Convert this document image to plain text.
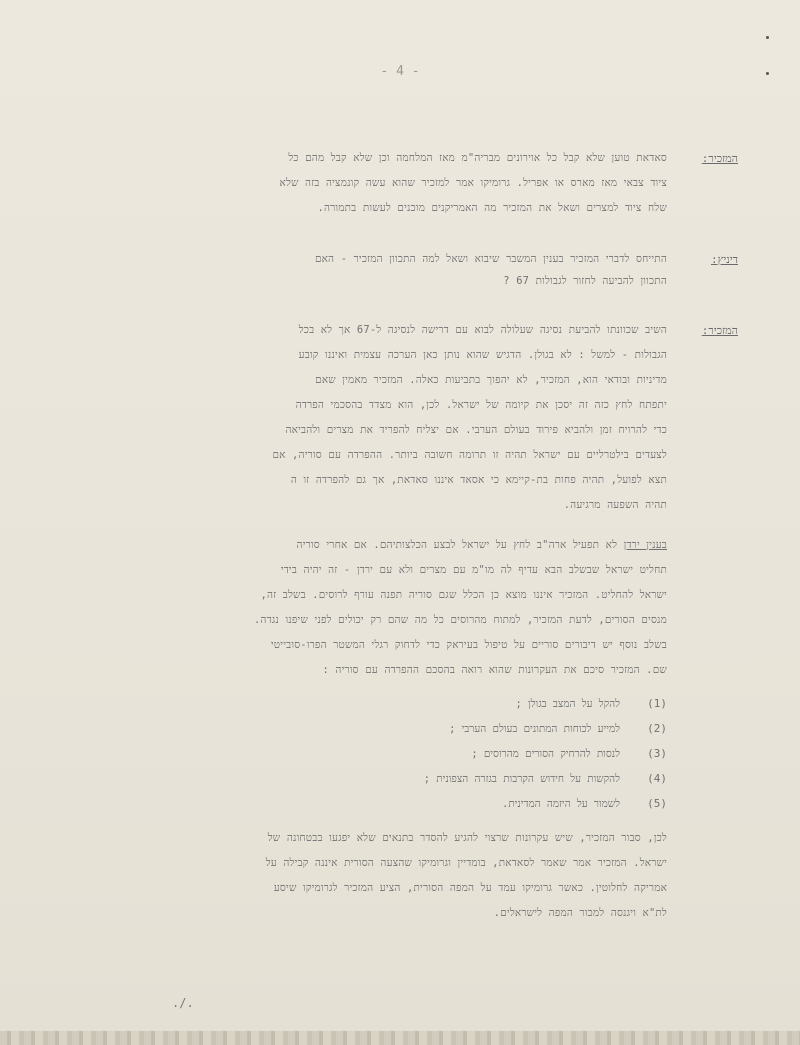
- 4 -
המזכיר:
סאדאת טוען שלא קבל כל אוירונים מבריה"מ מאז המלחמה וכן שלא קבל מהם כל
ציוד צבאי מאז מארס או אפריל. גרומיקו אמר למזכיר שהוא עשה קונמציה בזה שלא
שלח ציוד למצרים ושאל את המזכיר מה האמריקנים מוכנים לעשות בתמורה.
דיניץ:
התייחס לדברי המזכיר בענין המשבר שיבוא ושאל למה התכוון המזכיר - האם
התכוון להביעה לחזור לגבולות 67 ?
המזכיר:
השיב שכוונתו להביעת נסיגה שעלולה לבוא עם דרישה לנסיגה ל-67 אך לא בכל
הגבולות - למשל : לא בגולן. הדגיש שהוא נותן כאן הערכה עצמית ואיננו קובע
מדיניות ובודאי הוא, המזכיר, לא יהפוך בתביעות כאלה. המזכיר מאמין שאם
יתפתח לחץ כזה זה יסכן את קיומה של ישראל. לכן, הוא מצדד בהסכמי הפרדה
כדי להרויח זמן ולהביא פירוד בעולם הערבי. אם יצליח להפריד את מצרים ולהביאה
לצעדים בילטרליים עם ישראל תהיה זו תרומה חשובה ביותר. ההפרדה עם סוריה, אם
תצא לפועל, תהיה פחות בת-קיימא כי אסאד איננו סאדאת, אך גם להפרדה זו ה
תהיה השפעה מרגיעה.
בענין ירדן לא תפעיל ארה"ב לחץ על ישראל לבצע הכלצותיהם. אם אחרי סוריה
תחליט ישראל שבשלב הבא עדיף לה מו"מ עם מצרים ולא עם ירדן - זה יהיה בידי
ישראל להחליט. המזכיר איננו מוצא כן הכלל שגם סוריה תפנה עורף לרוסים. בשלב זה,
מנסים הסורים, לדעת המזכיר, למתוח מהרוסים כל מה שהם רק יכולים לפני שיפנו נגדה.
בשלב נוסף יש דיבורים סוריים על טיפול בעיראק כדי לדחוק רגלי המשטר הפרו-סובייטי
שם. המזכיר סיכם את העקרונות שהוא רואה בהסכם ההפרדה עם סוריה :
(1)
להקל על המצב בגולן ;
(2)
למייע לכוחות המתונים בעולם הערבי ;
(3)
לנסות להרחיק הסורים מהרוסים ;
(4)
להקשות על חידוש הקרבות בגזרה הצפונית ;
(5)
לשמור על היזמה המדינית.
לכן, סבור המזכיר, שיש עקרונות שרצוי להגיע להסדר בתנאים שלא יפגעו בבטחונה של
ישראל. המזכיר אמר שאמר לסאדאת, בומדיין וגרומיקו שהצעה הסורית איננה קבילה על
אמריקה לחלוטין. כאשר גרומיקו עמד על המפה הסורית, הציע המזכיר לגרומיקו שיסע
לת"א ויגנסה למכור המפה לישראלים.
./.
